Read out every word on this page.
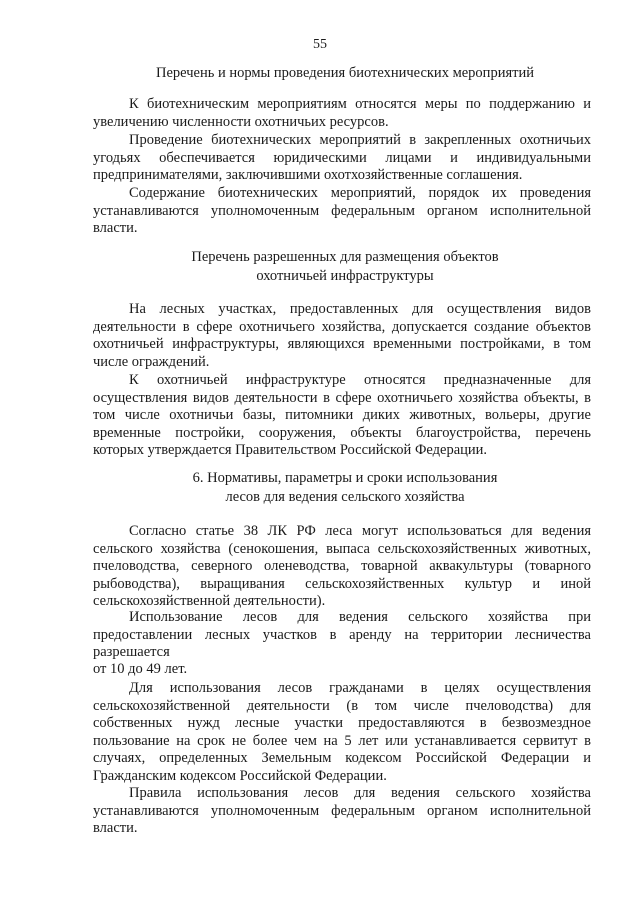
55
Перечень и нормы проведения биотехнических мероприятий

К биотехническим мероприятиям относятся меры по поддержанию и увеличению численности охотничьих ресурсов.

Проведение биотехнических мероприятий в закрепленных охотничьих угодьях обеспечивается юридическими лицами и индивидуальными предпринимателями, заключившими охотхозяйственные соглашения.

Содержание биотехнических мероприятий, порядок их проведения устанавливаются уполномоченным федеральным органом исполнительной власти.

Перечень разрешенных для размещения объектов
охотничьей инфраструктуры

На лесных участках, предоставленных для осуществления видов деятельности в сфере охотничьего хозяйства, допускается создание объектов охотничьей инфраструктуры, являющихся временными постройками, в том числе ограждений.

К охотничьей инфраструктуре относятся предназначенные для осуществления видов деятельности в сфере охотничьего хозяйства объекты, в том числе охотничьи базы, питомники диких животных, вольеры, другие временные постройки, сооружения, объекты благоустройства, перечень которых утверждается Правительством Российской Федерации.

6. Нормативы, параметры и сроки использования
лесов для ведения сельского хозяйства

Согласно статье 38 ЛК РФ леса могут использоваться для ведения сельского хозяйства (сенокошения, выпаса сельскохозяйственных животных, пчеловодства, северного оленеводства, товарной аквакультуры (товарного рыбоводства), выращивания сельскохозяйственных культур и иной сельскохозяйственной деятельности).

Использование лесов для ведения сельского хозяйства при предоставлении лесных участков в аренду на территории лесничества разрешается

от 10 до 49 лет.

Для использования лесов гражданами в целях осуществления сельскохозяйственной деятельности (в том числе пчеловодства) для собственных нужд лесные участки предоставляются в безвозмездное пользование на срок не более чем на 5 лет или устанавливается сервитут в случаях, определенных Земельным кодексом Российской Федерации и Гражданским кодексом Российской Федерации.

Правила использования лесов для ведения сельского хозяйства устанавливаются уполномоченным федеральным органом исполнительной власти.
